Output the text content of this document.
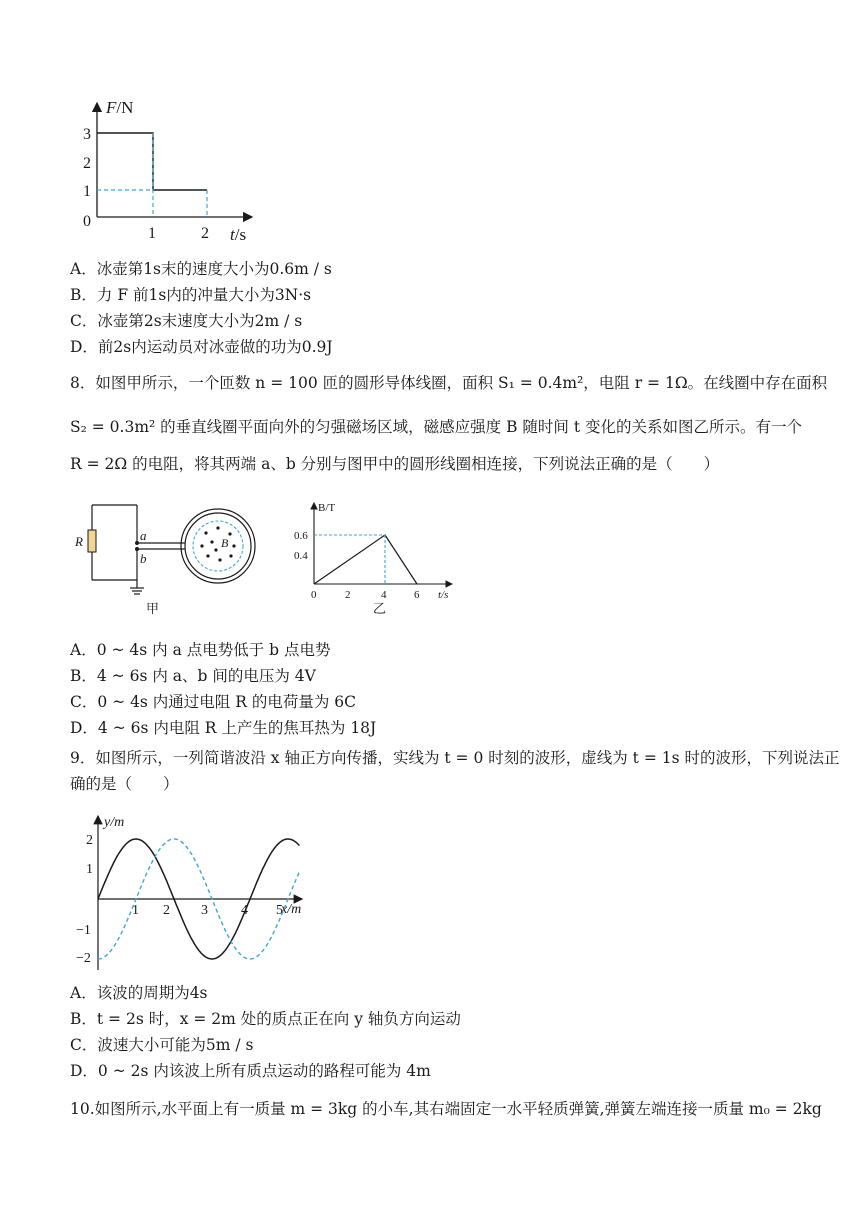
F/N
3
2
1
0
1	2 t/s
A．冰壶第1s末的速度大小为0.6m / s
B．力 F 前1s内的冲量大小为3N·s
C．冰壶第2s末速度大小为2m / s
D．前2s内运动员对冰壶做的功为0.9J
8．如图甲所示，一个匝数 n = 100 匝的圆形导体线圈，面积 S₁ = 0.4m²，电阻 r = 1Ω。在线圈中存在面积
S₂ = 0.3m² 的垂直线圈平面向外的匀强磁场区域，磁感应强度 B 随时间 t 变化的关系如图乙所示。有一个
R = 2Ω 的电阻，将其两端 a、b 分别与图甲中的圆形线圈相连接，下列说法正确的是（　　）
R	a
b
B
甲
B/T
0.6
0.4
0	2	4	6 t/s
乙
A．0 ~ 4s 内 a 点电势低于 b 点电势
B．4 ~ 6s 内 a、b 间的电压为 4V
C．0 ~ 4s 内通过电阻 R 的电荷量为 6C
D．4 ~ 6s 内电阻 R 上产生的焦耳热为 18J
9．如图所示，一列简谐波沿 x 轴正方向传播，实线为 t = 0 时刻的波形，虚线为 t = 1s 时的波形，下列说法正
确的是（　　）
y/m
x/m
2
1
−1
−2
1 2 3 4 5
A．该波的周期为4s
B．t = 2s 时，x = 2m 处的质点正在向 y 轴负方向运动
C．波速大小可能为5m / s
D．0 ~ 2s 内该波上所有质点运动的路程可能为 4m
10.如图所示,水平面上有一质量 m = 3kg 的小车,其右端固定一水平轻质弹簧,弹簧左端连接一质量 m₀ = 2kg
